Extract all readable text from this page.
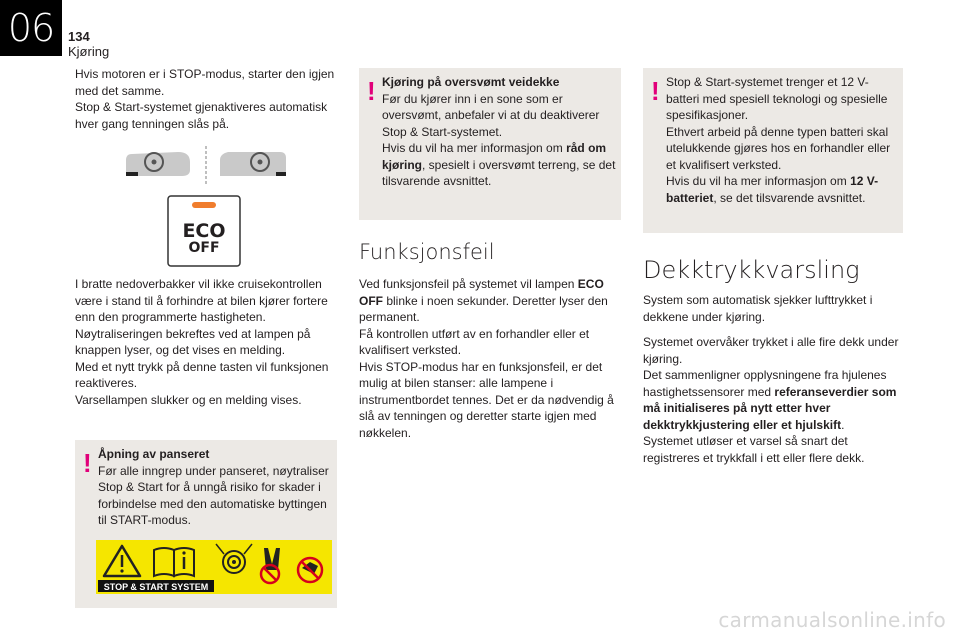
06	134
Kjøring

Hvis motoren er i STOP-modus, starter den igjen med det samme.

Stop & Start-systemet gjenaktiveres automatisk hver gang tenningen slås på.

ECO
OFF

I bratte nedoverbakker vil ikke cruisekontrollen være i stand til å forhindre at bilen kjører fortere enn den programmerte hastigheten.

Nøytraliseringen bekreftes ved at lampen på knappen lyser, og det vises en melding.

Med et nytt trykk på denne tasten vil funksjonen reaktiveres.

Varsellampen slukker og en melding vises.

! Åpning av panseret
Før alle inngrep under panseret, nøytraliser Stop & Start for å unngå risiko for skader i forbindelse med den automatiske byttingen til START-modus.
STOP & START SYSTEM
! Kjøring på oversvømt veidekke
Før du kjører inn i en sone som er oversvømt, anbefaler vi at du deaktiverer Stop & Start-systemet.
Hvis du vil ha mer informasjon om råd om kjøring, spesielt i oversvømt terreng, se det tilsvarende avsnittet.
Funksjonsfeil

Ved funksjonsfeil på systemet vil lampen ECO OFF blinke i noen sekunder. Deretter lyser den permanent.

Få kontrollen utført av en forhandler eller et kvalifisert verksted.

Hvis STOP-modus har en funksjonsfeil, er det mulig at bilen stanser: alle lampene i instrumentbordet tennes. Det er da nødvendig å slå av tenningen og deretter starte igjen med nøkkelen.

! Stop & Start-systemet trenger et 12 V-batteri med spesiell teknologi og spesielle spesifikasjoner.
Ethvert arbeid på denne typen batteri skal utelukkende gjøres hos en forhandler eller et kvalifisert verksted.
Hvis du vil ha mer informasjon om 12 V-batteriet, se det tilsvarende avsnittet.
Dekktrykkvarsling

System som automatisk sjekker lufttrykket i dekkene under kjøring.

Systemet overvåker trykket i alle fire dekk under kjøring.

Det sammenligner opplysningene fra hjulenes hastighetssensorer med referanseverdier som må initialiseres på nytt etter hver dekktrykkjustering eller et hjulskift.

Systemet utløser et varsel så snart det registreres et trykkfall i ett eller flere dekk.

carmanualsonline.info
